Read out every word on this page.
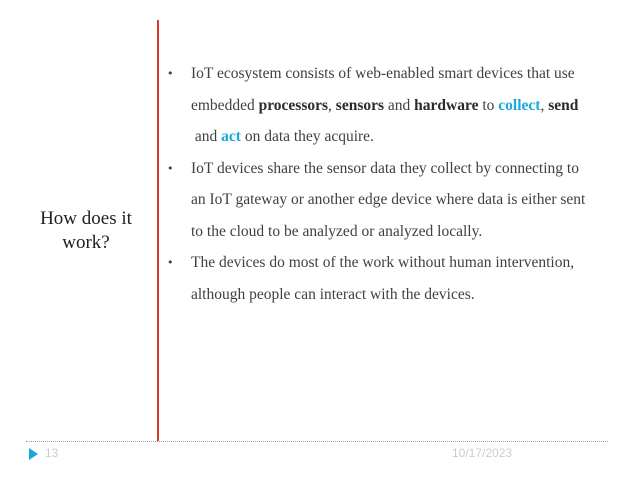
How does it
work?
• IoT ecosystem consists of web-enabled smart devices that use embedded processors, sensors and hardware to collect, send and act on data they acquire.
• IoT devices share the sensor data they collect by connecting to an IoT gateway or another edge device where data is either sent to the cloud to be analyzed or analyzed locally.
• The devices do most of the work without human intervention, although people can interact with the devices.
13	10/17/2023
